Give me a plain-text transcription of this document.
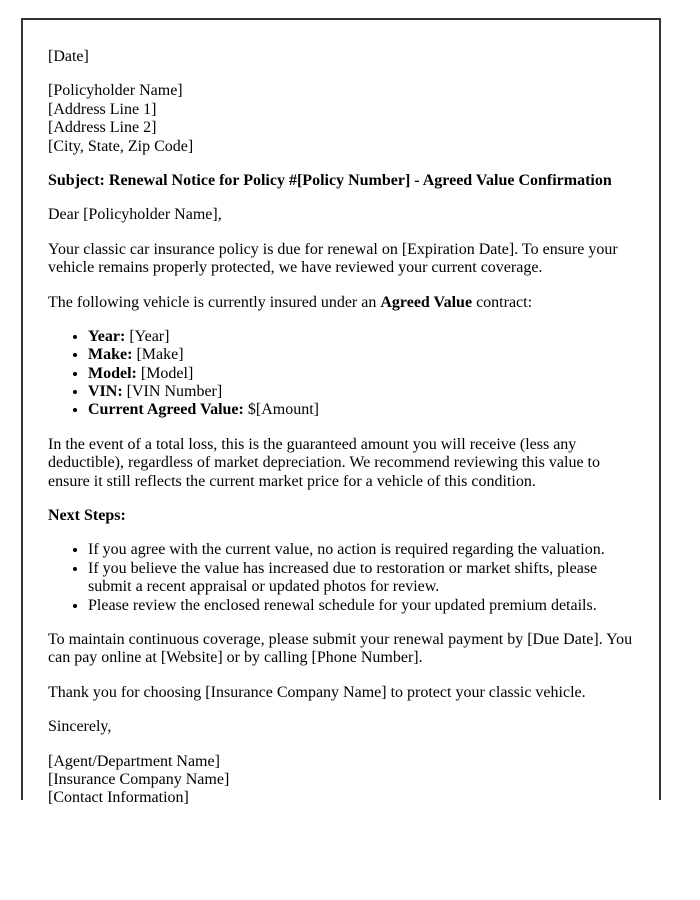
[Date]

[Policyholder Name]
[Address Line 1]
[Address Line 2]
[City, State, Zip Code]

Subject: Renewal Notice for Policy #[Policy Number] - Agreed Value Confirmation

Dear [Policyholder Name],

Your classic car insurance policy is due for renewal on [Expiration Date]. To ensure your vehicle remains properly protected, we have reviewed your current coverage.

The following vehicle is currently insured under an Agreed Value contract:

• Year: [Year]
• Make: [Make]
• Model: [Model]
• VIN: [VIN Number]
• Current Agreed Value: $[Amount]

In the event of a total loss, this is the guaranteed amount you will receive (less any deductible), regardless of market depreciation. We recommend reviewing this value to ensure it still reflects the current market price for a vehicle of this condition.

Next Steps:

• If you agree with the current value, no action is required regarding the valuation.
• If you believe the value has increased due to restoration or market shifts, please submit a recent appraisal or updated photos for review.
• Please review the enclosed renewal schedule for your updated premium details.

To maintain continuous coverage, please submit your renewal payment by [Due Date]. You can pay online at [Website] or by calling [Phone Number].

Thank you for choosing [Insurance Company Name] to protect your classic vehicle.

Sincerely,

[Agent/Department Name]
[Insurance Company Name]
[Contact Information]
